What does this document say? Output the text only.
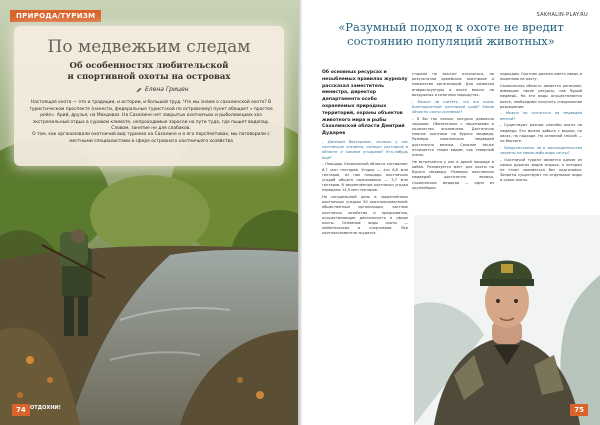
ПРИРОДА/ТУРИЗМ
По медвежьим следам
Об особенностях любительской
и спортивной охоты на островах
Елена Грицен
Настоящая охота — это и традиции, и истории, и большой труд. Что мы знаем о сахалинской охоте? В туристическом проспекте (нанести, федеральные туристской по островному) пункт обещает « простое рейл». Арий, друзья, на Макдаваз. На Сахалине нет закрытых охотничьих и рыболовецких хоз экстремальный отдых в суровом климате, непроходимые заросли на пути туда, где пышет водопад. Словом, занятие не для слабаков.
О том, как организовали охотничий вид туризма на Сахалине и о его перспективах, мы поговорили с местными специалистами в сфере островного охотничьего хозяйства
74 ОТДОХНИ!
SAKHALIN-PLAY.RU
«Разумный подход к охоте не вредит
состоянию популяций животных»
Об основных ресурсах и незыблемых правилах журналу рассказал заместитель министра, директор департамента особо охраняемых природных территорий, охраны объектов животного мира и рыбы Сахалинской области Дмитрий Дударев

– Дмитрий Викторович, сколько у нас охотничьих хозяйств, сколько охотников в области и какими угодьями? Кто-нибудь ещё?

– Площадь Сахалинской области составляет 8,7 млн гектаров. Угодья — это 6,8 млн гектаров, из них площадь охотничьих угодий общего пользования — 3,7 млн гектаров. В закреплённые охотничьи угодья переданы 14,9 млн гектаров.

На сегодняшний день в закреплённых охотничьих угодьях 50 охотпользователей: общественные организации, частные охотничьи хозяйства и предприятия, осуществляющие деятельность в сфере охоты. Основные виды охоты — любительская и спортивная. Все охотпользователи трудятся.

стороне не захочет отказаться, по результатам армейских охотников и множества организаций. Для развития инфраструктуры в охоте вносят на воздушных и сезонных маршрутах.

– Можно ли считать, что это очень благоприятный охотничий край? Какие объекты охоты основные?

– Я бы так сказал, ресурсы довольно хорошие. Обязательно с лицензиями и количество ограничено. Достаточно многие охотники на бурого медведя. Размеры сахалинских медведей достаточно велики. Сахалин также отличается таким видом, как северный олень.

Не встречается у нас в дикой природе и кабан. Реализуется мест для охоты на бурого медведя. Размеры охотничьих медведей достаточно велики. Сахалинские медведи — одни из крупнейших.

подходом. Охотник должен иметь навык и лицензию на охоту.

Сахалинская область является регионом, имеющим такие ресурсы, как бурый медведь. На эти виды осуществляется охота, необходимо получить специальное разрешение.

– Можно ли охотиться на медведей весной?

– Существуют разные способы охоты на медведя. Его можно добыть с вышки, на овсах, на подходе. Но основной способ — на берлоге.

– Предусмотрены ли в законодательстве запреты на какие-либо виды охоты?

– Охотничий туризм является одним из самых дорогих видов отдыха, о которых не стоит заниматься без подготовки. Запреты существуют на отдельные виды и сроки охоты.

75
